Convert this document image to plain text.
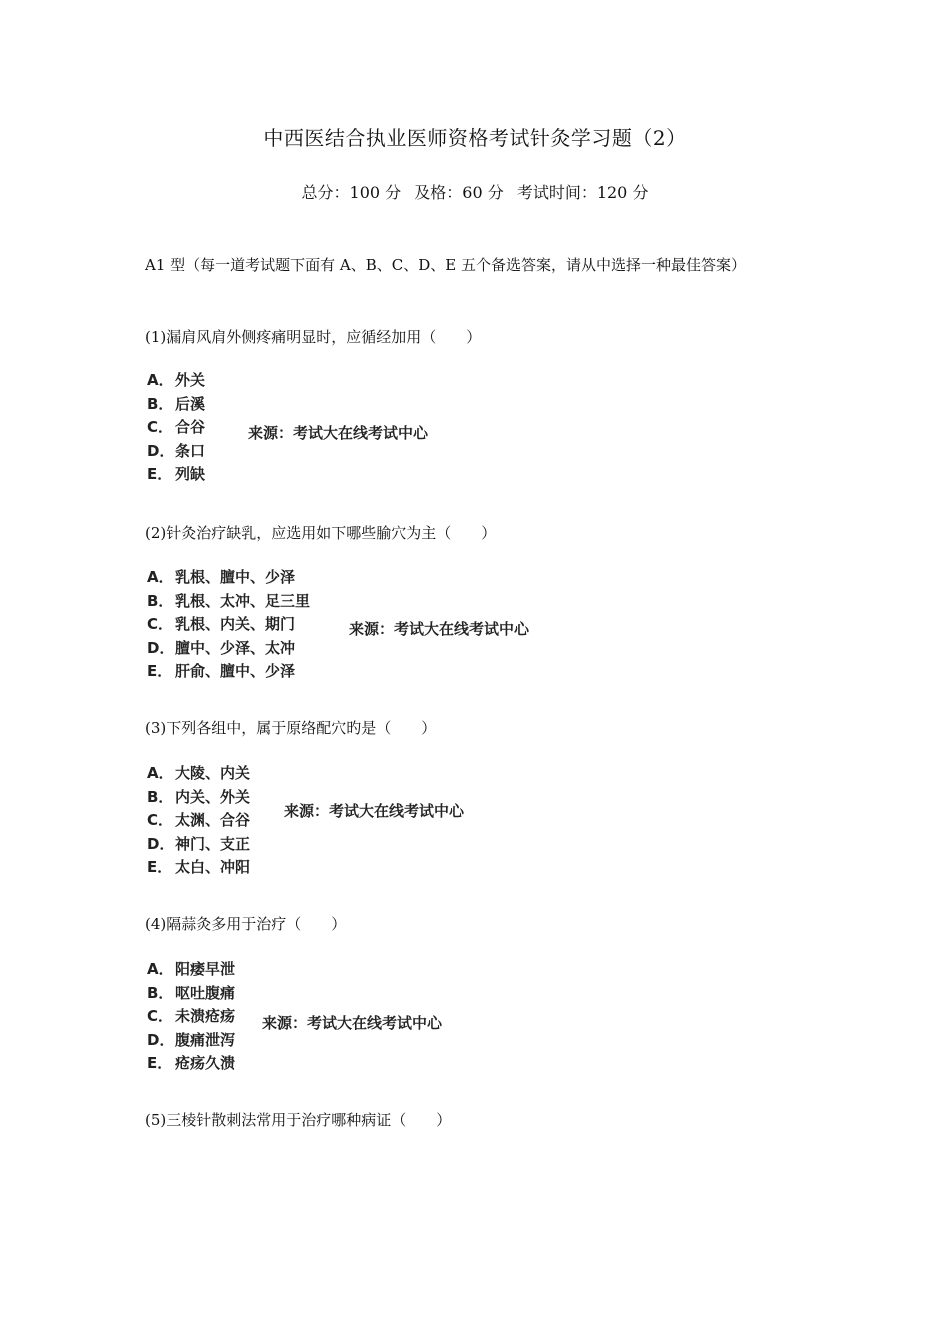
中西医结合执业医师资格考试针灸学习题（2）
总分：100 分 及格：60 分 考试时间：120 分
A1 型（每一道考试题下面有 A、B、C、D、E 五个备选答案，请从中选择一种最佳答案）
(1)漏肩风肩外侧疼痛明显时，应循经加用（　　）
A．外关
B． 后溪
C． 合谷
D．条口
E． 列缺
来源：考试大在线考试中心
(2)针灸治疗缺乳，应选用如下哪些腧穴为主（　　）
A．乳根、膻中、少泽
B． 乳根、太冲、足三里
C． 乳根、内关、期门
D．膻中、少泽、太冲
E． 肝俞、膻中、少泽
来源：考试大在线考试中心
(3)下列各组中，属于原络配穴旳是（　　）
A．大陵、内关
B． 内关、外关
C． 太渊、合谷
D．神门、支正
E． 太白、冲阳
来源：考试大在线考试中心
(4)隔蒜灸多用于治疗（　　）
A．阳痿早泄
B． 呕吐腹痛
C． 未溃疮疡
D．腹痛泄泻
E． 疮疡久溃
来源：考试大在线考试中心
(5)三棱针散刺法常用于治疗哪种病证（　　）
